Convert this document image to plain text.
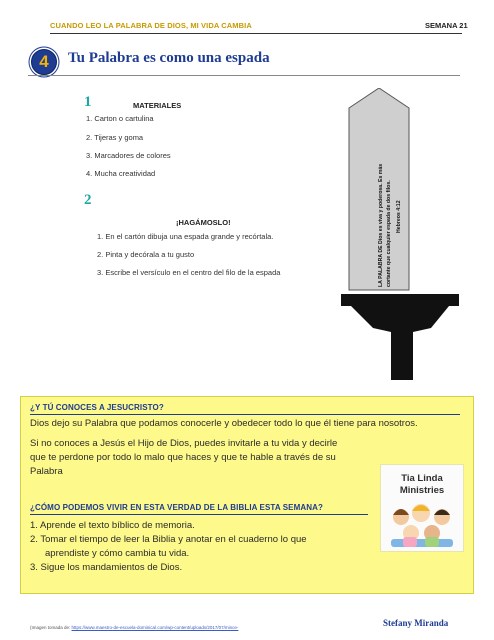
CUANDO LEO LA PALABRA DE DIOS, MI VIDA CAMBIA	SEMANA 21
4	Tu Palabra es como una espada
1	MATERIALES
1. Carton o cartulina
2. Tijeras y goma
3. Marcadores de colores
4. Mucha creatividad
2
¡HAGÁMOSLO!
1. En el cartón dibuja una espada grande y recórtala.
2. Pinta y decórala a tu gusto
3. Escribe el versículo en el centro del filo de la espada	LA PALABRA DE Dios es viva y poderosa. Es más cortante que cualquier espada de dos filos. Hebreos 4:12
¿Y TÚ CONOCES A JESUCRISTO?
Dios dejo su Palabra que podamos conocerle y obedecer todo lo que él tiene para nosotros.
Si no conoces a Jesús el Hijo de Dios, puedes invitarle a tu vida y decirle
que te perdone por todo lo malo que haces y que te hable a través de su
Palabra
¿CÓMO PODEMOS VIVIR EN ESTA VERDAD DE LA BIBLIA ESTA SEMANA?
1. Aprende el texto bíblico de memoria.
2. Tomar el tiempo de leer la Biblia y anotar en el cuaderno lo que
aprendiste y cómo cambia tu vida.
3. Sigue los mandamientos de Dios.
Tia Linda
Ministries
(Imagen tomada de: https://www.maestro-de-escuela-dominical.com/wp-content/uploads/2017/07/mince-	Stefany Miranda
